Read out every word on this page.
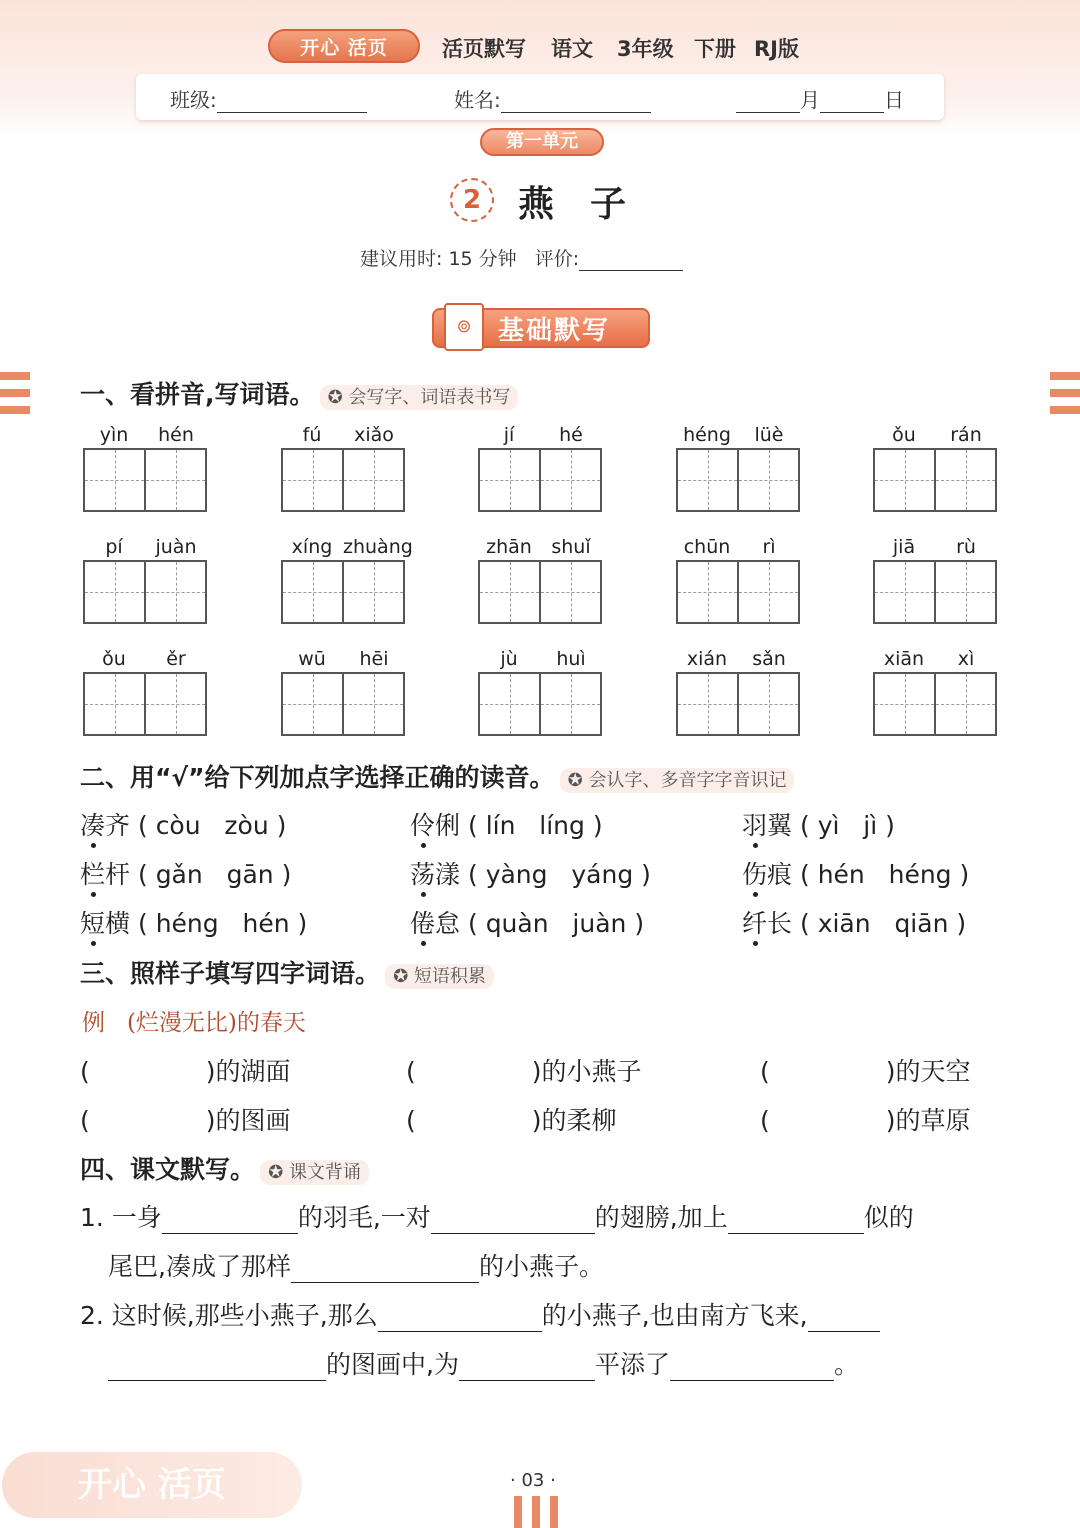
开心 活页	活页默写 语文 3年级 下册 RJ版
班级:	姓名:	月	日
第一单元
2	燕子
建议用时: 15 分钟 评价:
⊚	基础默写
一、看拼音,写词语。 ✪ 会写字、词语表书写
yìn	hén	fú	xiǎo	jí	hé	héng	lüè	ǒu	rán
pí	juàn	xíng zhuàng	zhān	shuǐ	chūn	rì	jiā	rù
ǒu	ěr	wū	hēi	jù	huì	xián	sǎn	xiān	xì
二、用“√”给下列加点字选择正确的读音。 ✪ 会认字、多音字字音识记
凑齐 ( còu zòu )	伶俐 ( lín líng )	羽翼 ( yì jì )
栏杆 ( gǎn gān )	荡漾 ( yàng yáng )	伤痕 ( hén héng )
短横 ( héng hén )	倦怠 ( quàn juàn )	纤长 ( xiān qiān )
三、照样子填写四字词语。 ✪ 短语积累
例 (烂漫无比)的春天
(	)的湖面	(	)的小燕子	(	)的天空
(	)的图画	(	)的柔柳	(	)的草原
四、课文默写。 ✪ 课文背诵
1. 一身	的羽毛,一对	的翅膀,加上	似的
尾巴,凑成了那样	的小燕子。
2. 这时候,那些小燕子,那么	的小燕子,也由南方飞来,
的图画中,为	平添了	。
开心 活页	· 03 ·
